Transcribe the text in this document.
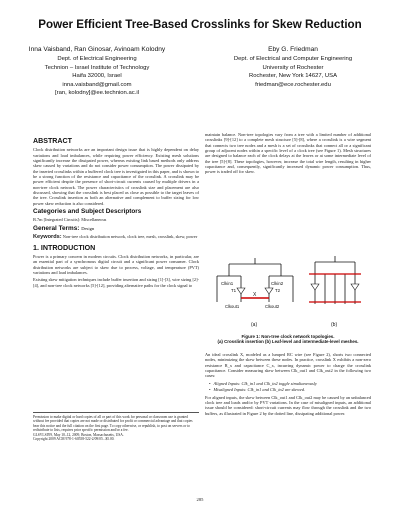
Power Efficient Tree-Based Crosslinks for Skew Reduction
Inna Vaisband, Ran Ginosar, Avinoam Kolodny
Dept. of Electrical Engineering
Technion – Israel Institute of Technology
Haifa 32000, Israel
inna.vaisband@gmail.com
[ran, kolodny]@ee.technion.ac.il
Eby G. Friedman
Dept. of Electrical and Computer Engineering
University of Rochester
Rochester, New York 14627, USA
friedman@ece.rochester.edu
ABSTRACT

Clock distribution networks are an important design issue that is highly dependent on delay variations and load imbalances, while requiring power efficiency. Existing mesh solutions significantly increase the dissipated power, whereas existing link based methods only address skew caused by variations and do not consider power consumption. The power dissipated by the inserted crosslinks within a buffered clock tree is investigated in this paper, and is shown to be a strong function of the resistance and capacitance of the crosslink. A crosslink may be power efficient despite the presence of short-circuit currents caused by multiple drivers in a non-tree clock network. The power characteristics of crosslink size and placement are also discussed, showing that the crosslink is best placed as close as possible to the target leaves of the tree. Crosslink insertion as both an alternative and complement to buffer sizing for low power skew reduction is also considered.

Categories and Subject Descriptors

B.7m [Integrated Circuits]: Miscellaneous

General Terms: Design

Keywords: Non-tree clock distribution network, clock tree, mesh, crosslink, skew, power

1. INTRODUCTION

Power is a primary concern in modern circuits. Clock distribution networks, in particular, are an essential part of a synchronous digital circuit and a significant power consumer. Clock distribution networks are subject to skew due to process, voltage, and temperature (PVT) variations and load imbalances.

Existing skew mitigation techniques include buffer insertion and sizing [1]-[3], wire sizing [2]-[4], and non-tree clock networks [5]-[12], providing alternative paths for the clock signal to

Permission to make digital or hard copies of all or part of this work for personal or classroom use is granted without fee provided that copies are not made or distributed for profit or commercial advantage and that copies bear this notice and the full citation on the first page. To copy otherwise, or republish, to post on servers or to redistribute to lists, requires prior specific permission and/or a fee.
GLSVLSI'09, May 10–12, 2009, Boston, Massachusetts, USA.
Copyright 2009 ACM 978-1-60558-522-2/09/05...$5.00.

maintain balance. Non-tree topologies vary from a tree with a limited number of additional crosslinks [9]-[12] to a complete mesh structure [5]-[8], where a crosslink is a wire segment that connects two tree nodes and a mesh is a set of crosslinks that connect all or a significant group of adjacent nodes within a specific level of a clock tree (see Figure 1). Mesh structures are designed to balance each of the clock delays at the leaves or at some intermediate level of the tree [5]-[8]. These topologies, however, increase the total wire length, resulting in higher capacitance and, consequently, significantly increased dynamic power consumption. Thus, power is traded off for skew.

X
Clkin1	Clkin2
T1	T2
Clkout1	Clkout2
(a)	(b)
Figure 1: Non-tree clock network topologies.
(a) Crosslink insertion (b) Leaf-level and intermediate-level meshes.

An ideal crosslink X, modeled as a lumped RC wire (see Figure 2), shorts two connected nodes, minimizing the skew between these nodes. In practice, crosslink X exhibits a non-zero resistance R_x and capacitance C_x, incurring dynamic power to charge the crosslink capacitance. Consider measuring skew between Clk_out1 and Clk_out2 in the following two cases:

• Aligned Inputs: Clk_in1 and Clk_in2 toggle simultaneously
• Misaligned Inputs: Clk_in1 and Clk_in2 are skewed.

For aligned inputs, the skew between Clk_out1 and Clk_out2 may be caused by an unbalanced clock tree and loads and/or by PVT variations. In the case of misaligned inputs, an additional issue should be considered: short-circuit currents may flow through the crosslink and the two buffers, as illustrated in Figure 2 by the dotted line, dissipating additional power.

285
